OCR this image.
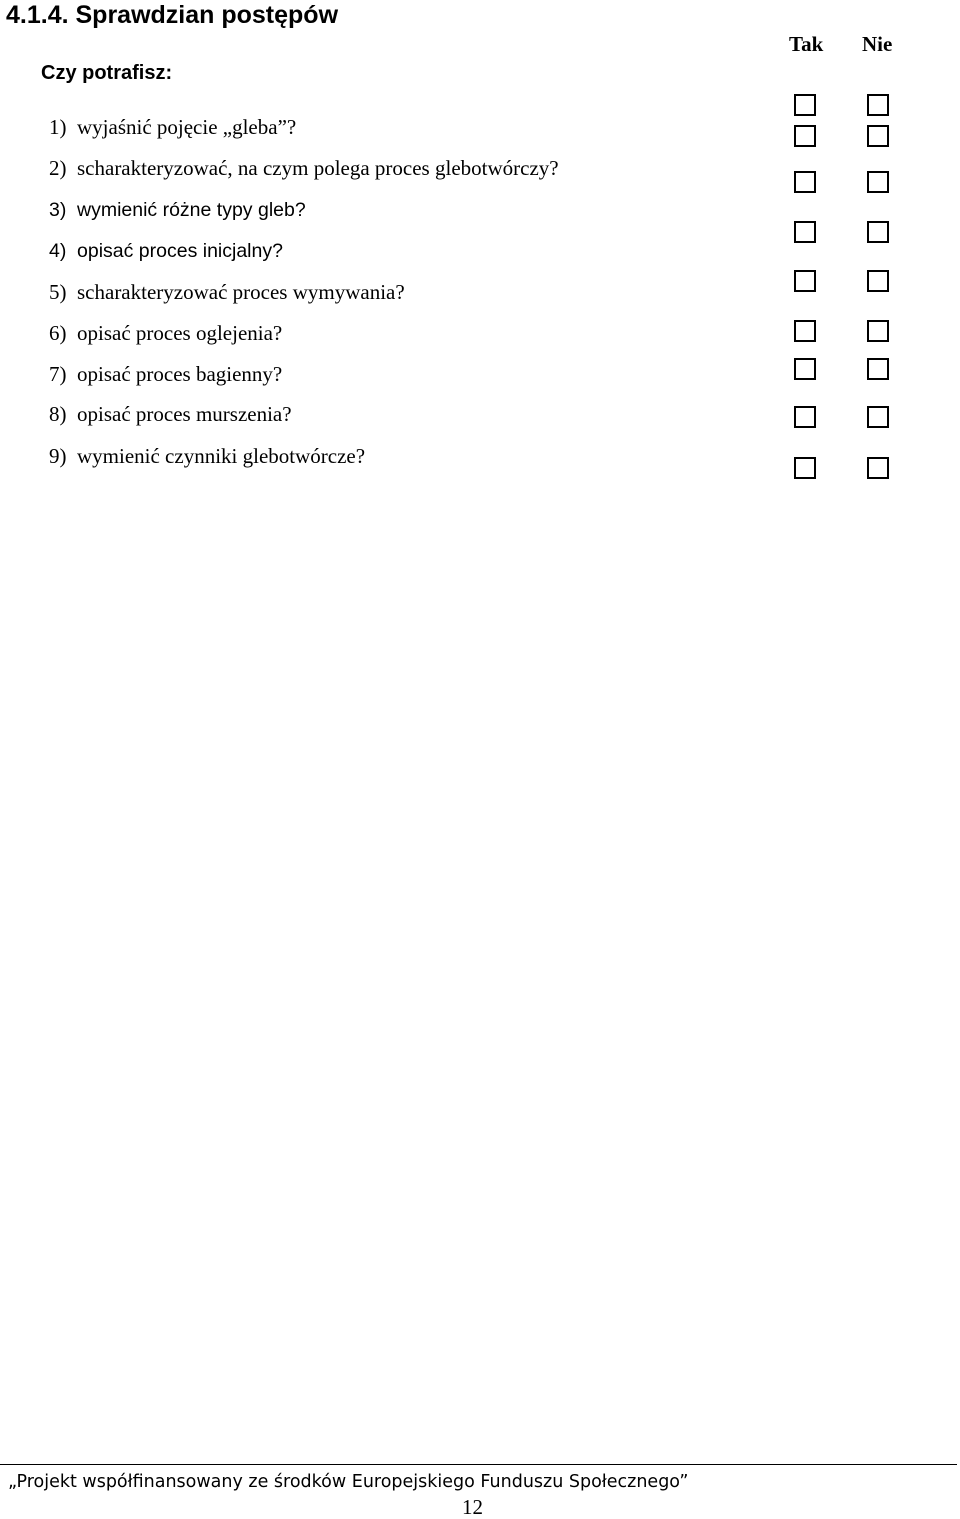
4.1.4. Sprawdzian postępów
Czy potrafisz:
Tak Nie
1) wyjaśnić pojęcie „gleba”?
2) scharakteryzować, na czym polega proces glebotwórczy?
3) wymienić różne typy gleb?
4) opisać proces inicjalny?
5) scharakteryzować proces wymywania?
6) opisać proces oglejenia?
7) opisać proces bagienny?
8) opisać proces murszenia?
9) wymienić czynniki glebotwórcze?
„Projekt współfinansowany ze środków Europejskiego Funduszu Społecznego”
12
